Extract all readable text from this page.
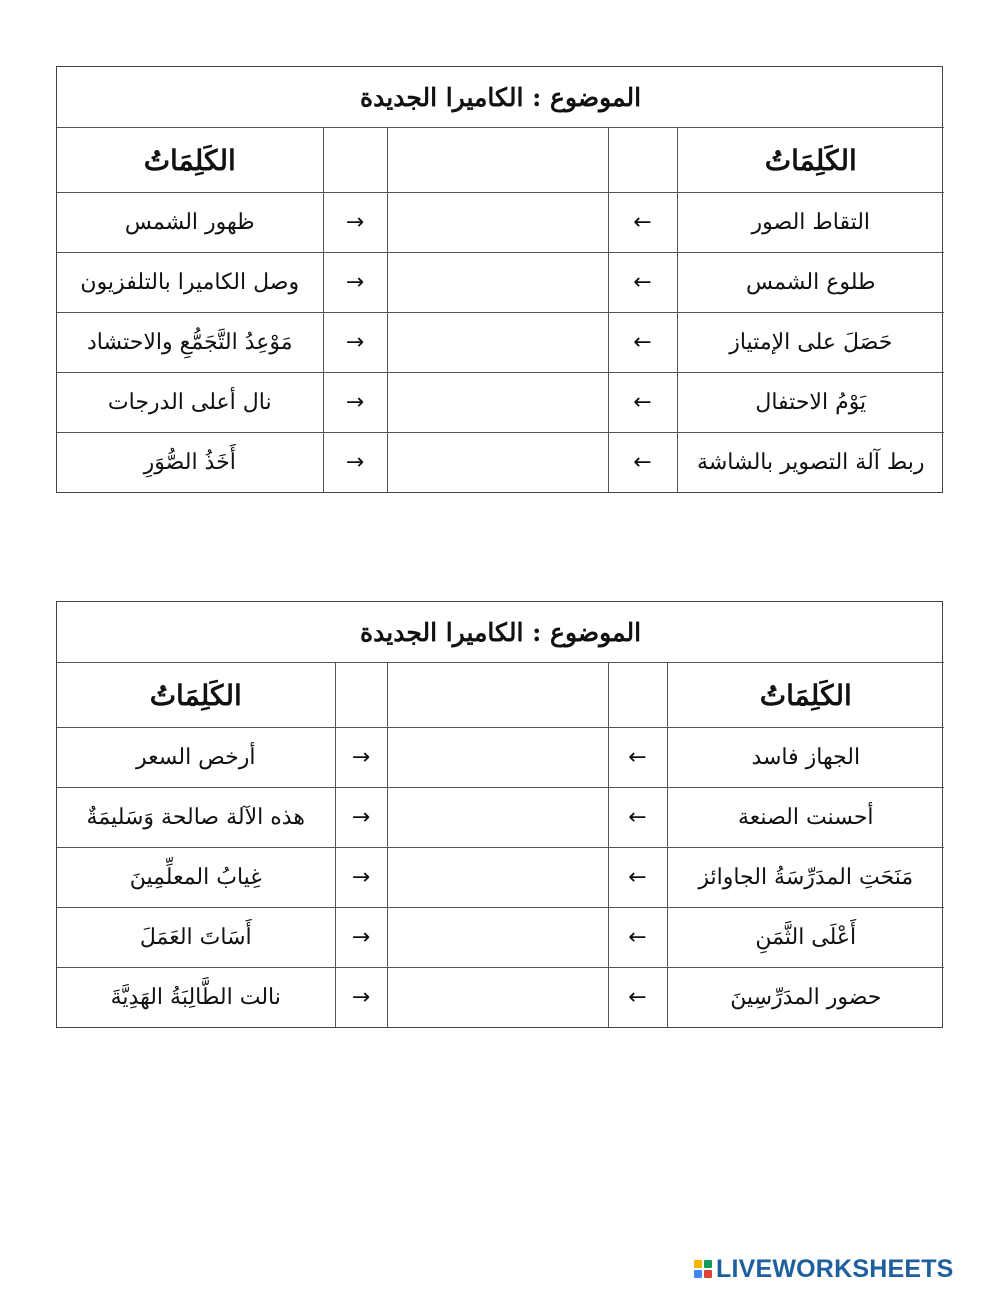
الموضوع : الكاميرا الجديدة				
الكَلِمَاتُ				الكَلِمَاتُ
ظهور الشمس	→		←	التقاط الصور
وصل الكاميرا بالتلفزيون	→		←	طلوع الشمس
مَوْعِدُ التَّجَمُّعِ والاحتشاد	→		←	حَصَلَ على الإمتياز
نال أعلى الدرجات	→		←	يَوْمُ الاحتفال
أَخَذُ الصُّوَرِ	→		←	ربط آلة التصوير بالشاشة
الموضوع : الكاميرا الجديدة				
الكَلِمَاتُ				الكَلِمَاتُ
أرخص السعر	→		←	الجهاز فاسد
هذه الآلة صالحة وَسَليمَةٌ	→		←	أحسنت الصنعة
غِيابُ المعلِّمِينَ	→		←	مَنَحَتِ المدَرِّسَةُ الجاوائز
أَسَاتَ العَمَلَ	→		←	أَعْلَى الثَّمَنِ
نالت الطَّالِبَةُ الهَدِيَّةَ	→		←	حضور المدَرِّسِينَ
LIVEWORKSHEETS
